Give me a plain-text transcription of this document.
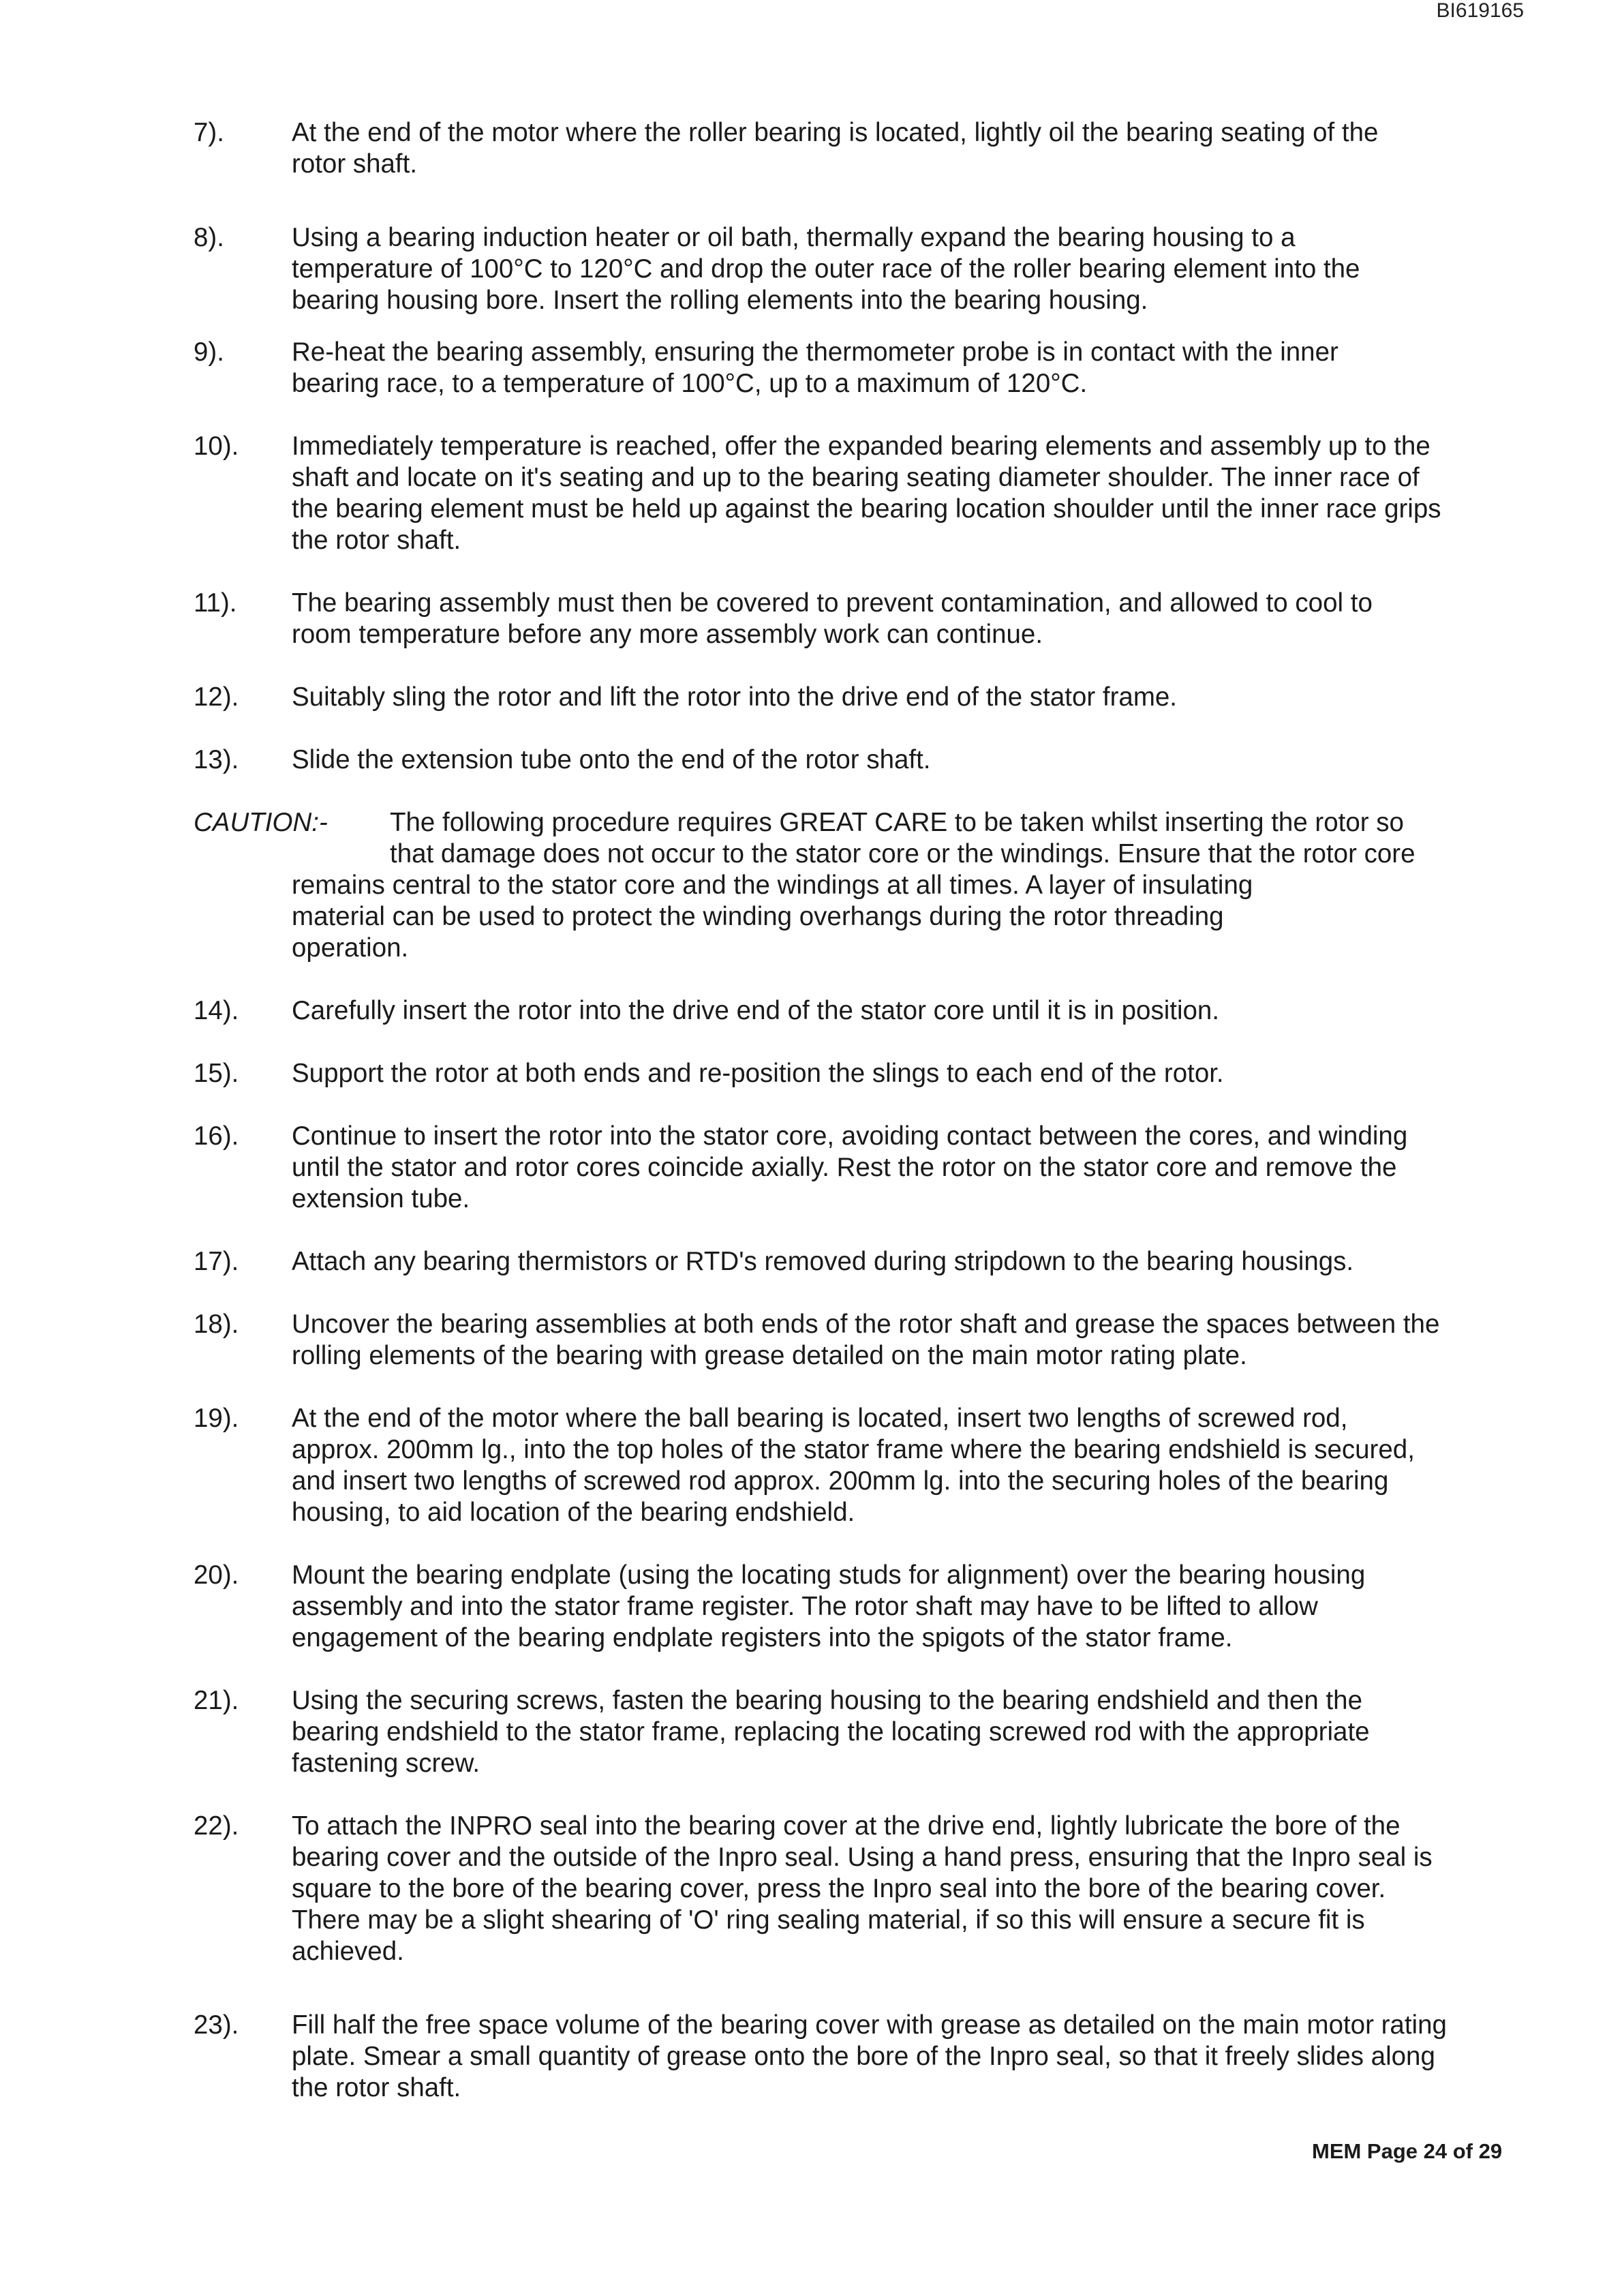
BI619165
7).	At the end of the motor where the roller bearing is located, lightly oil the bearing seating of the
rotor shaft.
8).	Using a bearing induction heater or oil bath, thermally expand the bearing housing to a
temperature of 100°C to 120°C and drop the outer race of the roller bearing element into the
bearing housing bore. Insert the rolling elements into the bearing housing.
9).	Re-heat the bearing assembly, ensuring the thermometer probe is in contact with the inner
bearing race, to a temperature of 100°C, up to a maximum of 120°C.
10). Immediately temperature is reached, offer the expanded bearing elements and assembly up to the
shaft and locate on it's seating and up to the bearing seating diameter shoulder. The inner race of
the bearing element must be held up against the bearing location shoulder until the inner race grips
the rotor shaft.
11). The bearing assembly must then be covered to prevent contamination, and allowed to cool to
room temperature before any more assembly work can continue.
12). Suitably sling the rotor and lift the rotor into the drive end of the stator frame.
13). Slide the extension tube onto the end of the rotor shaft.
14). Carefully insert the rotor into the drive end of the stator core until it is in position.
15). Support the rotor at both ends and re-position the slings to each end of the rotor.
16). Continue to insert the rotor into the stator core, avoiding contact between the cores, and winding
until the stator and rotor cores coincide axially. Rest the rotor on the stator core and remove the
extension tube.
17). Attach any bearing thermistors or RTD's removed during stripdown to the bearing housings.
18). Uncover the bearing assemblies at both ends of the rotor shaft and grease the spaces between the
rolling elements of the bearing with grease detailed on the main motor rating plate.
19). At the end of the motor where the ball bearing is located, insert two lengths of screwed rod,
approx. 200mm lg., into the top holes of the stator frame where the bearing endshield is secured,
and insert two lengths of screwed rod approx. 200mm lg. into the securing holes of the bearing
housing, to aid location of the bearing endshield.
20). Mount the bearing endplate (using the locating studs for alignment) over the bearing housing
assembly and into the stator frame register. The rotor shaft may have to be lifted to allow
engagement of the bearing endplate registers into the spigots of the stator frame.
21). Using the securing screws, fasten the bearing housing to the bearing endshield and then the
bearing endshield to the stator frame, replacing the locating screwed rod with the appropriate
fastening screw.
22). To attach the INPRO seal into the bearing cover at the drive end, lightly lubricate the bore of the
bearing cover and the outside of the Inpro seal. Using a hand press, ensuring that the Inpro seal is
square to the bore of the bearing cover, press the Inpro seal into the bore of the bearing cover.
There may be a slight shearing of 'O' ring sealing material, if so this will ensure a secure fit is
achieved.
23). Fill half the free space volume of the bearing cover with grease as detailed on the main motor rating
plate. Smear a small quantity of grease onto the bore of the Inpro seal, so that it freely slides along
the rotor shaft.
CAUTION:- The following procedure requires GREAT CARE to be taken whilst inserting the rotor so
that damage does not occur to the stator core or the windings. Ensure that the rotor core
remains central to the stator core and the windings at all times. A layer of insulating
material can be used to protect the winding overhangs during the rotor threading
operation.
MEM Page 24 of 29
